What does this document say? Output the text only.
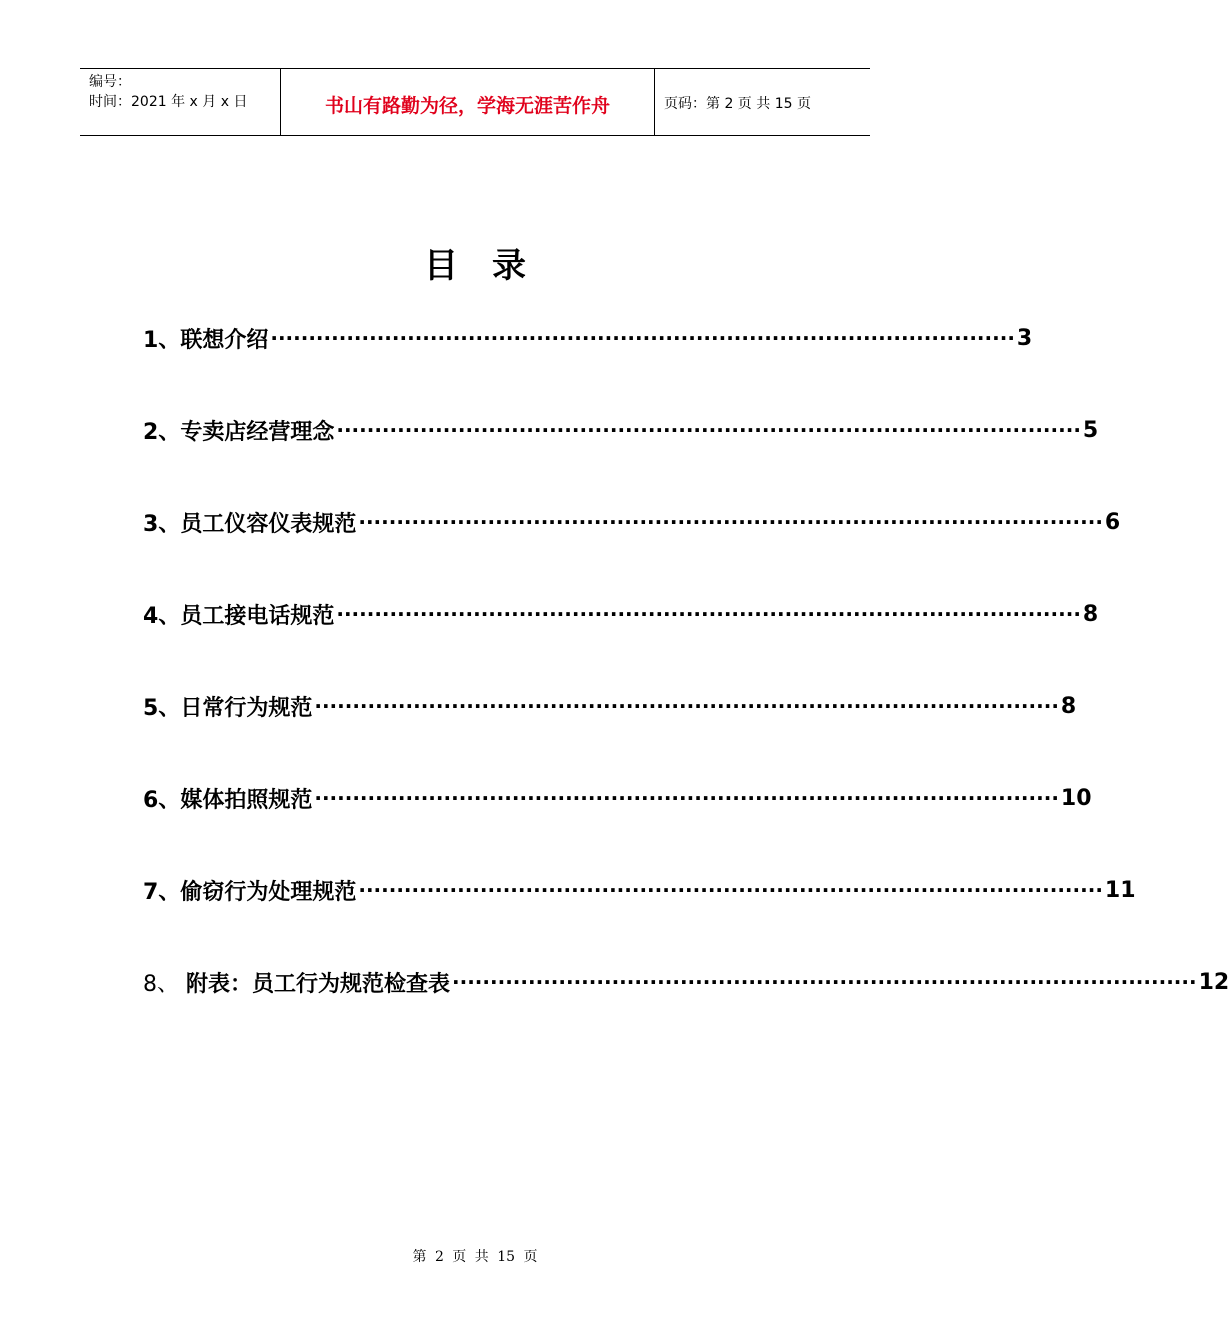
编号：
时间：2021 年 x 月 x 日	书山有路勤为径，学海无涯苦作舟	页码：第 2 页 共 15 页
目录
1、联想介绍 ·································································································· 3
2、专卖店经营理念 ·································································································· 5
3、员工仪容仪表规范 ·································································································· 6
4、员工接电话规范 ·································································································· 8
5、日常行为规范 ·································································································· 8
6、媒体拍照规范 ·································································································· 10
7、偷窃行为处理规范 ·································································································· 11
8、 附表：员工行为规范检查表 ·································································································· 12
第 2 页 共 15 页
